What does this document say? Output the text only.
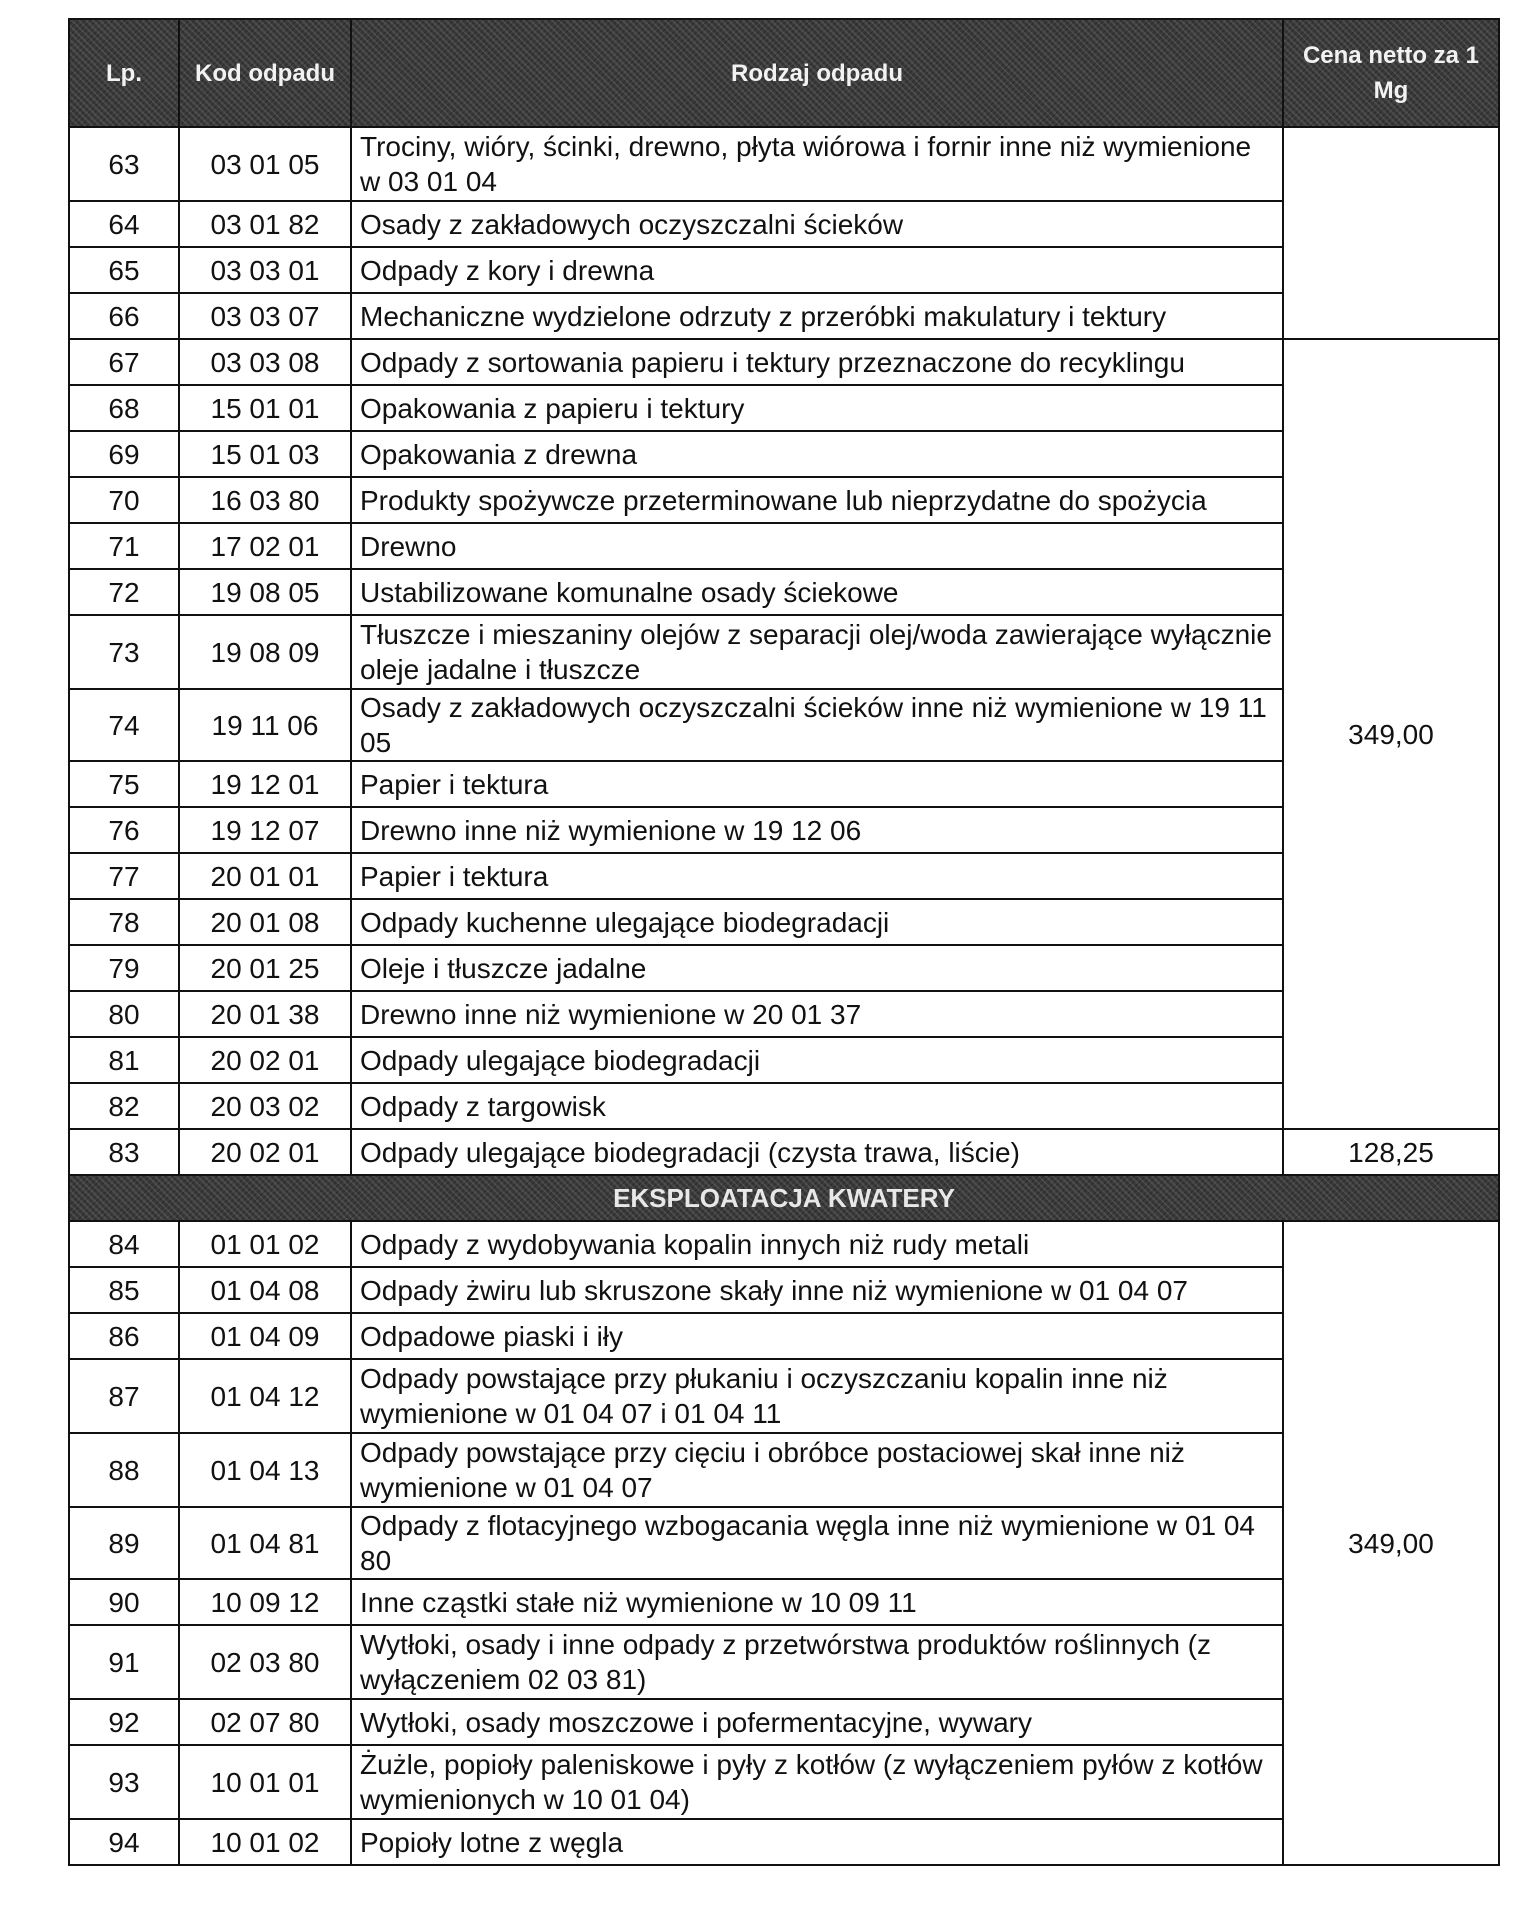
Lp.	Kod odpadu	Rodzaj odpadu	Cena netto za 1 Mg
63	03 01 05	Trociny, wióry, ścinki, drewno, płyta wiórowa i fornir inne niż wymienione w 03 01 04	
64	03 01 82	Osady z zakładowych oczyszczalni ścieków	
65	03 03 01	Odpady z kory i drewna	
66	03 03 07	Mechaniczne wydzielone odrzuty z przeróbki makulatury i tektury	
67	03 03 08	Odpady z sortowania papieru i tektury przeznaczone do recyklingu	349,00
68	15 01 01	Opakowania z papieru i tektury	
69	15 01 03	Opakowania z drewna	
70	16 03 80	Produkty spożywcze przeterminowane lub nieprzydatne do spożycia	
71	17 02 01	Drewno	
72	19 08 05	Ustabilizowane komunalne osady ściekowe	
73	19 08 09	Tłuszcze i mieszaniny olejów z separacji olej/woda zawierające wyłącznie oleje jadalne i tłuszcze	
74	19 11 06	Osady z zakładowych oczyszczalni ścieków inne niż wymienione w 19 11 05	
75	19 12 01	Papier i tektura	
76	19 12 07	Drewno inne niż wymienione w 19 12 06	
77	20 01 01	Papier i tektura	
78	20 01 08	Odpady kuchenne ulegające biodegradacji	
79	20 01 25	Oleje i tłuszcze jadalne	
80	20 01 38	Drewno inne niż wymienione w 20 01 37	
81	20 02 01	Odpady ulegające biodegradacji	
82	20 03 02	Odpady z targowisk	
83	20 02 01	Odpady ulegające biodegradacji (czysta trawa, liście)	128,25
EKSPLOATACJA KWATERY			
84	01 01 02	Odpady z wydobywania kopalin innych niż rudy metali	349,00
85	01 04 08	Odpady żwiru lub skruszone skały inne niż wymienione w 01 04 07	
86	01 04 09	Odpadowe piaski i iły	
87	01 04 12	Odpady powstające przy płukaniu i oczyszczaniu kopalin inne niż wymienione w 01 04 07 i 01 04 11	
88	01 04 13	Odpady powstające przy cięciu i obróbce postaciowej skał inne niż wymienione w 01 04 07	
89	01 04 81	Odpady z flotacyjnego wzbogacania węgla inne niż wymienione w 01 04 80	
90	10 09 12	Inne cząstki stałe niż wymienione w 10 09 11	
91	02 03 80	Wytłoki, osady i inne odpady z przetwórstwa produktów roślinnych (z wyłączeniem 02 03 81)	
92	02 07 80	Wytłoki, osady moszczowe i pofermentacyjne, wywary	
93	10 01 01	Żużle, popioły paleniskowe i pyły z kotłów (z wyłączeniem pyłów z kotłów wymienionych w 10 01 04)	
94	10 01 02	Popioły lotne z węgla	
